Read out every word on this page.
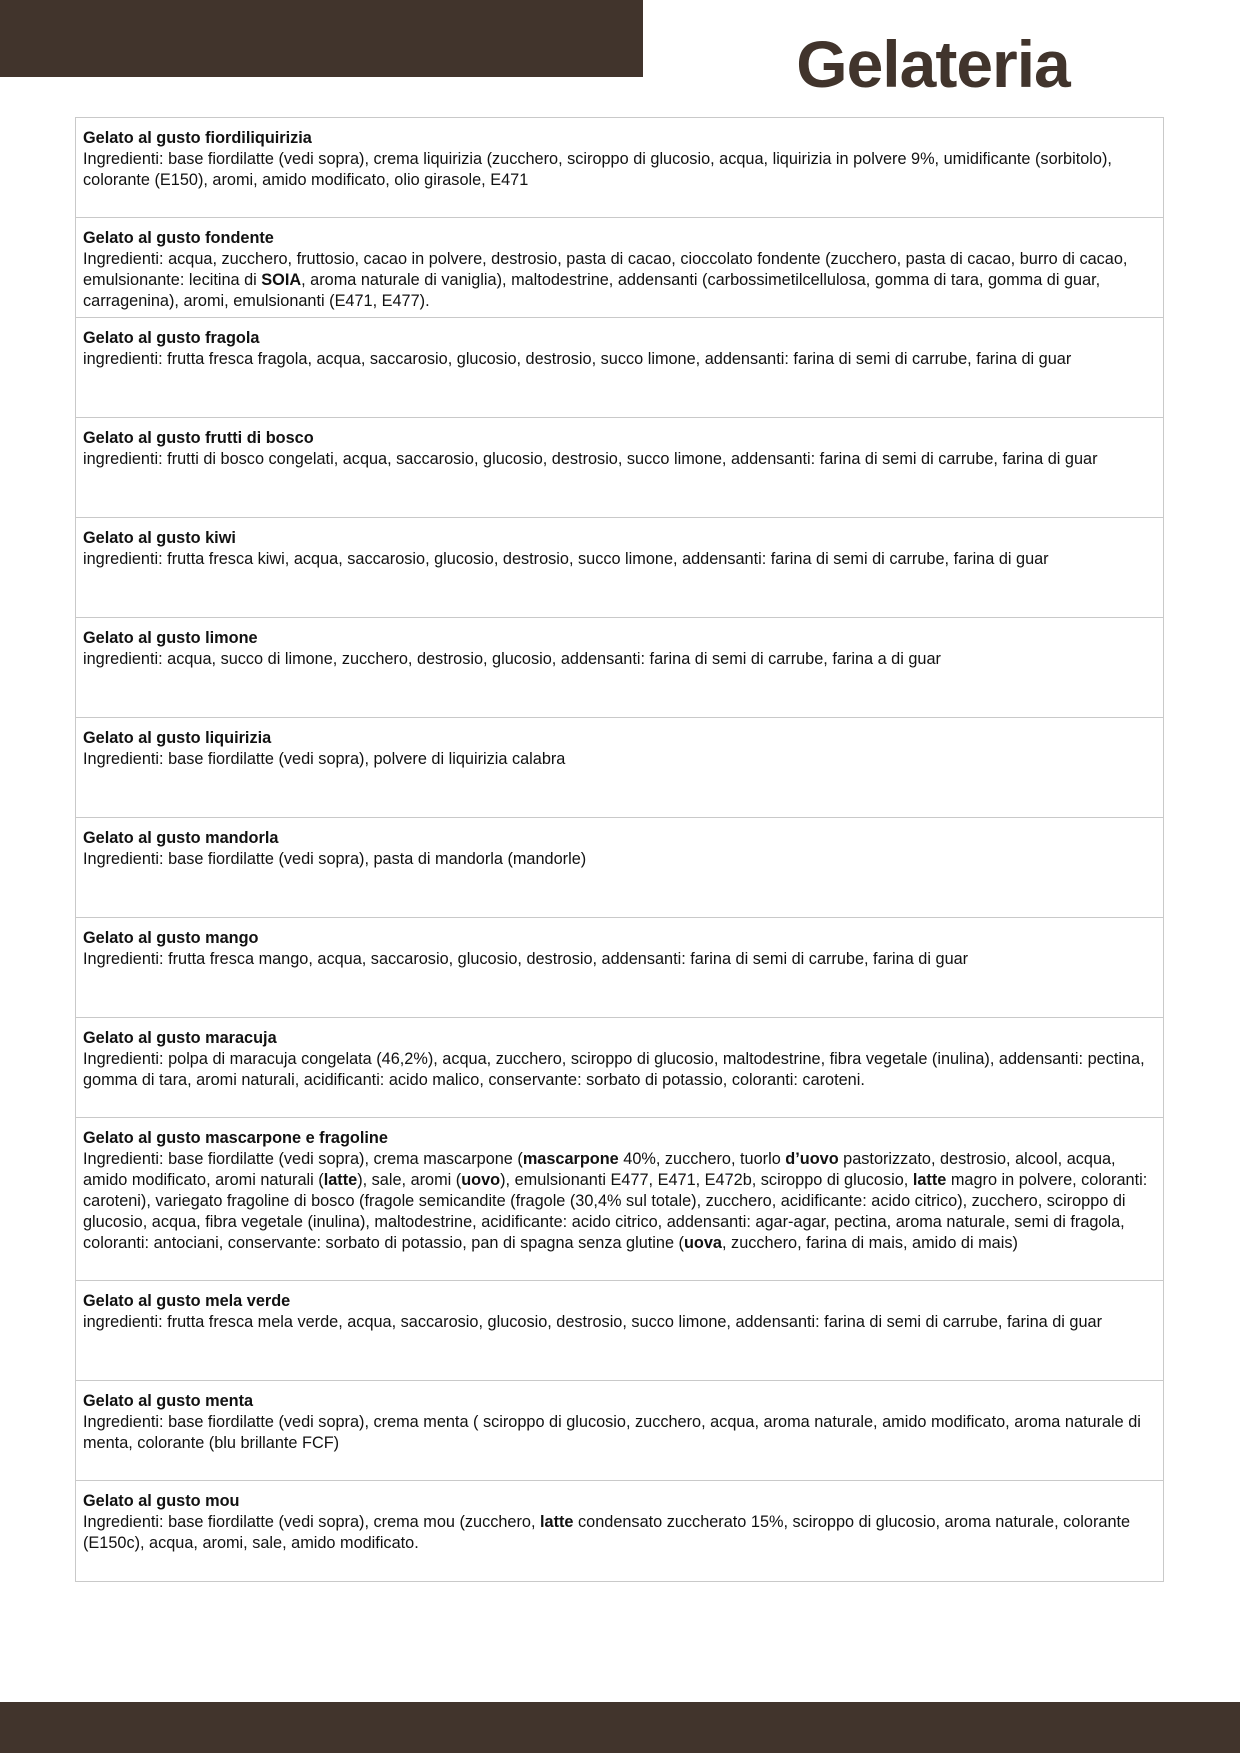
Gelateria
Gelato al gusto fiordiliquirizia
Ingredienti: base fiordilatte (vedi sopra), crema liquirizia (zucchero, sciroppo di glucosio, acqua, liquirizia in polvere 9%, umidificante (sorbitolo), colorante (E150), aromi, amido modificato, olio girasole, E471
Gelato al gusto fondente
Ingredienti: acqua, zucchero, fruttosio, cacao in polvere, destrosio, pasta di cacao, cioccolato fondente (zucchero, pasta di cacao, burro di cacao, emulsionante: lecitina di SOIA, aroma naturale di vaniglia), maltodestrine, addensanti (carbossimetilcellulosa, gomma di tara, gomma di guar, carragenina), aromi, emulsionanti (E471, E477).
Gelato al gusto fragola
ingredienti: frutta fresca fragola, acqua, saccarosio, glucosio, destrosio, succo limone, addensanti: farina di semi di carrube, farina di guar
Gelato al gusto frutti di bosco
ingredienti: frutti di bosco congelati, acqua, saccarosio, glucosio, destrosio, succo limone, addensanti: farina di semi di carrube, farina di guar
Gelato al gusto kiwi
ingredienti: frutta fresca kiwi, acqua, saccarosio, glucosio, destrosio, succo limone, addensanti: farina di semi di carrube, farina di guar
Gelato al gusto limone
ingredienti: acqua, succo di limone, zucchero, destrosio, glucosio, addensanti: farina di semi di carrube, farina a di guar
Gelato al gusto liquirizia
Ingredienti: base fiordilatte (vedi sopra), polvere di liquirizia calabra
Gelato al gusto mandorla
Ingredienti: base fiordilatte (vedi sopra), pasta di mandorla (mandorle)
Gelato al gusto mango
Ingredienti: frutta fresca mango, acqua, saccarosio, glucosio, destrosio, addensanti: farina di semi di carrube, farina di guar
Gelato al gusto maracuja
Ingredienti: polpa di maracuja congelata (46,2%), acqua, zucchero, sciroppo di glucosio, maltodestrine, fibra vegetale (inulina), addensanti: pectina, gomma di tara, aromi naturali, acidificanti: acido malico, conservante: sorbato di potassio, coloranti: caroteni.
Gelato al gusto mascarpone e fragoline
Ingredienti: base fiordilatte (vedi sopra), crema mascarpone (mascarpone 40%, zucchero, tuorlo d’uovo pastorizzato, destrosio, alcool, acqua, amido modificato, aromi naturali (latte), sale, aromi (uovo), emulsionanti E477, E471, E472b, sciroppo di glucosio, latte magro in polvere, coloranti: caroteni), variegato fragoline di bosco (fragole semicandite (fragole (30,4% sul totale), zucchero, acidificante: acido citrico), zucchero, sciroppo di glucosio, acqua, fibra vegetale (inulina), maltodestrine, acidificante: acido citrico, addensanti: agar-agar, pectina, aroma naturale, semi di fragola, coloranti: antociani, conservante: sorbato di potassio, pan di spagna senza glutine (uova, zucchero, farina di mais, amido di mais)
Gelato al gusto mela verde
ingredienti: frutta fresca mela verde, acqua, saccarosio, glucosio, destrosio, succo limone, addensanti: farina di semi di carrube, farina di guar
Gelato al gusto menta
Ingredienti: base fiordilatte (vedi sopra), crema menta ( sciroppo di glucosio, zucchero, acqua, aroma naturale, amido modificato, aroma naturale di menta, colorante (blu brillante FCF)
Gelato al gusto mou
Ingredienti: base fiordilatte (vedi sopra), crema mou (zucchero, latte condensato zuccherato 15%, sciroppo di glucosio, aroma naturale, colorante (E150c), acqua, aromi, sale, amido modificato.
